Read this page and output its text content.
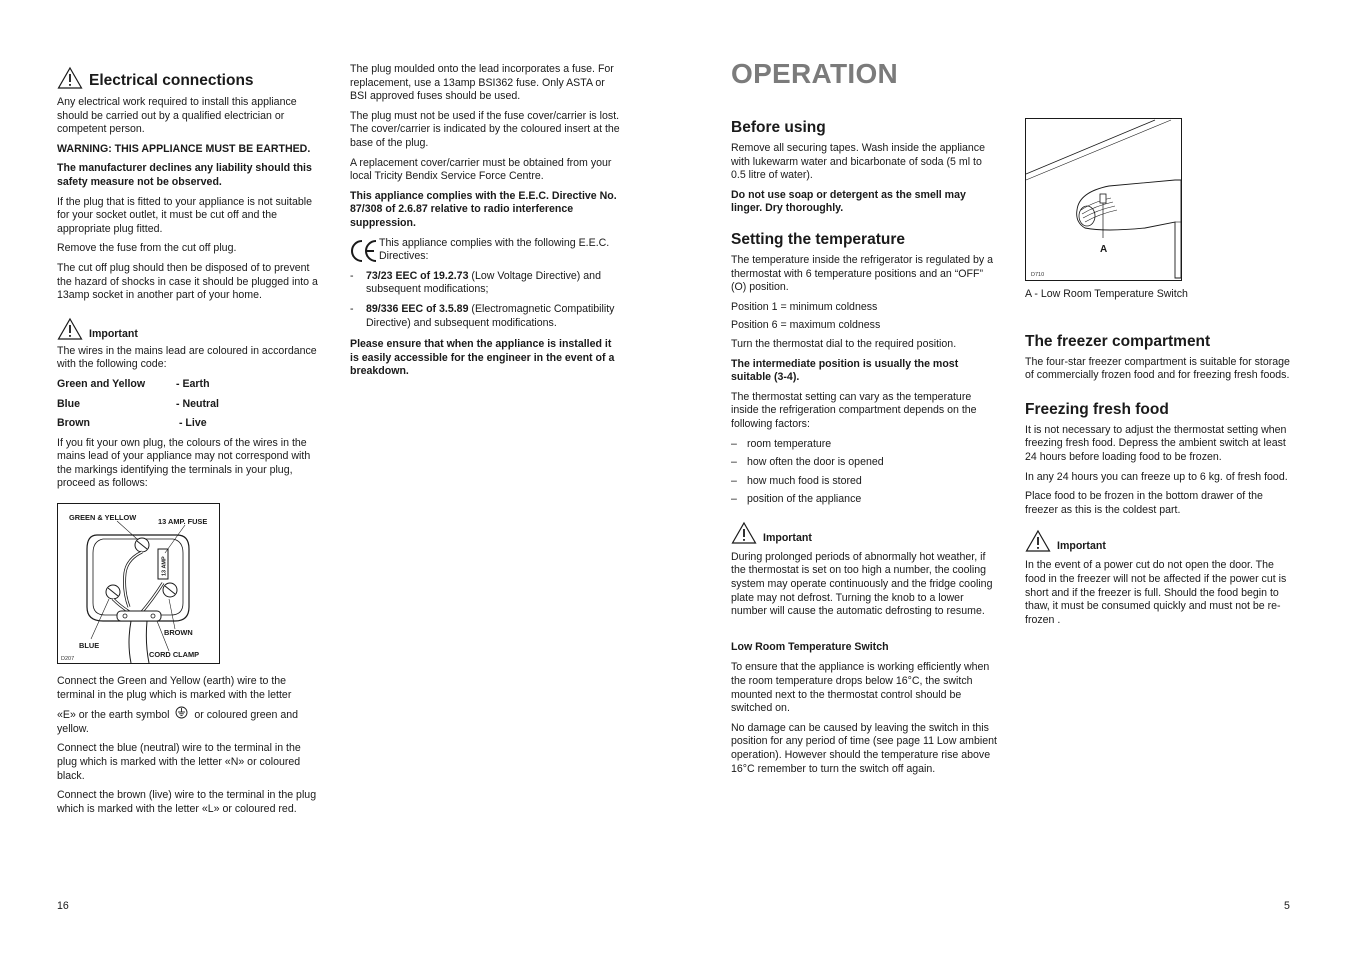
Electrical connections

Any electrical work required to install this appliance should be carried out by a qualified electrician or competent person.

WARNING: THIS APPLIANCE MUST BE EARTHED.

The manufacturer declines any liability should this safety measure not be observed.

If the plug that is fitted to your appliance is not suitable for your socket outlet, it must be cut off and the appropriate plug fitted.

Remove the fuse from the cut off plug.

The cut off plug should then be disposed of to prevent the hazard of shocks in case it should be plugged into a 13amp socket in another part of your home.

Important

The wires in the mains lead are coloured in accordance with the following code:

Green and Yellow	- Earth
Blue	- Neutral
Brown	- Live

If you fit your own plug, the colours of the wires in the mains lead of your appliance may not correspond with the markings identifying the terminals in your plug, proceed as follows:

13 AMP
GREEN & YELLOW	13 AMP. FUSE
BLUE
BROWN
CORD CLAMP
D207

Connect the Green and Yellow (earth) wire to the terminal in the plug which is marked with the letter

«E» or the earth symbol or coloured green and yellow.

Connect the blue (neutral) wire to the terminal in the plug which is marked with the letter «N» or coloured black.

Connect the brown (live) wire to the terminal in the plug which is marked with the letter «L» or coloured red.

16

The plug moulded onto the lead incorporates a fuse. For replacement, use a 13amp BSI362 fuse. Only ASTA or BSI approved fuses should be used.

The plug must not be used if the fuse cover/carrier is lost. The cover/carrier is indicated by the coloured insert at the base of the plug.

A replacement cover/carrier must be obtained from your local Tricity Bendix Service Force Centre.

This appliance complies with the E.E.C. Directive No. 87/308 of 2.6.87 relative to radio interference suppression.

This appliance complies with the following E.E.C. Directives:
-	73/23 EEC of 19.2.73 (Low Voltage Directive) and subsequent modifications;
-	89/336 EEC of 3.5.89 (Electromagnetic Compatibility Directive) and subsequent modifications.

Please ensure that when the appliance is installed it is easily accessible for the engineer in the event of a breakdown.

OPERATION
Before using

Remove all securing tapes. Wash inside the appliance with lukewarm water and bicarbonate of soda (5 ml to 0.5 litre of water).

Do not use soap or detergent as the smell may linger. Dry thoroughly.

Setting the temperature

The temperature inside the refrigerator is regulated by a thermostat with 6 temperature positions and an “OFF” (O) position.

Position 1 = minimum coldness

Position 6 = maximum coldness

Turn the thermostat dial to the required position.

The intermediate position is usually the most suitable (3-4).

The thermostat setting can vary as the temperature inside the refrigeration compartment depends on the following factors:

– room temperature
– how often the door is opened
– how much food is stored
– position of the appliance
Important

During prolonged periods of abnormally hot weather, if the thermostat is set on too high a number, the cooling system may operate continuously and the fridge cooling plate may not defrost. Turning the knob to a lower number will cause the automatic defrosting to resume.

Low Room Temperature Switch

To ensure that the appliance is working efficiently when the room temperature drops below 16°C, the switch mounted next to the thermostat control should be switched on.

No damage can be caused by leaving the switch in this position for any period of time (see page 11 Low ambient operation). However should the temperature rise above 16°C remember to turn the switch off again.

A
D710

A - Low Room Temperature Switch

The freezer compartment

The four-star freezer compartment is suitable for storage of commercially frozen food and for freezing fresh foods.

Freezing fresh food

It is not necessary to adjust the thermostat setting when freezing fresh food. Depress the ambient switch at least 24 hours before loading food to be frozen.

In any 24 hours you can freeze up to 6 kg. of fresh food.

Place food to be frozen in the bottom drawer of the freezer as this is the coldest part.

Important

In the event of a power cut do not open the door. The food in the freezer will not be affected if the power cut is short and if the freezer is full. Should the food begin to thaw, it must be consumed quickly and must not be re-frozen .

5
